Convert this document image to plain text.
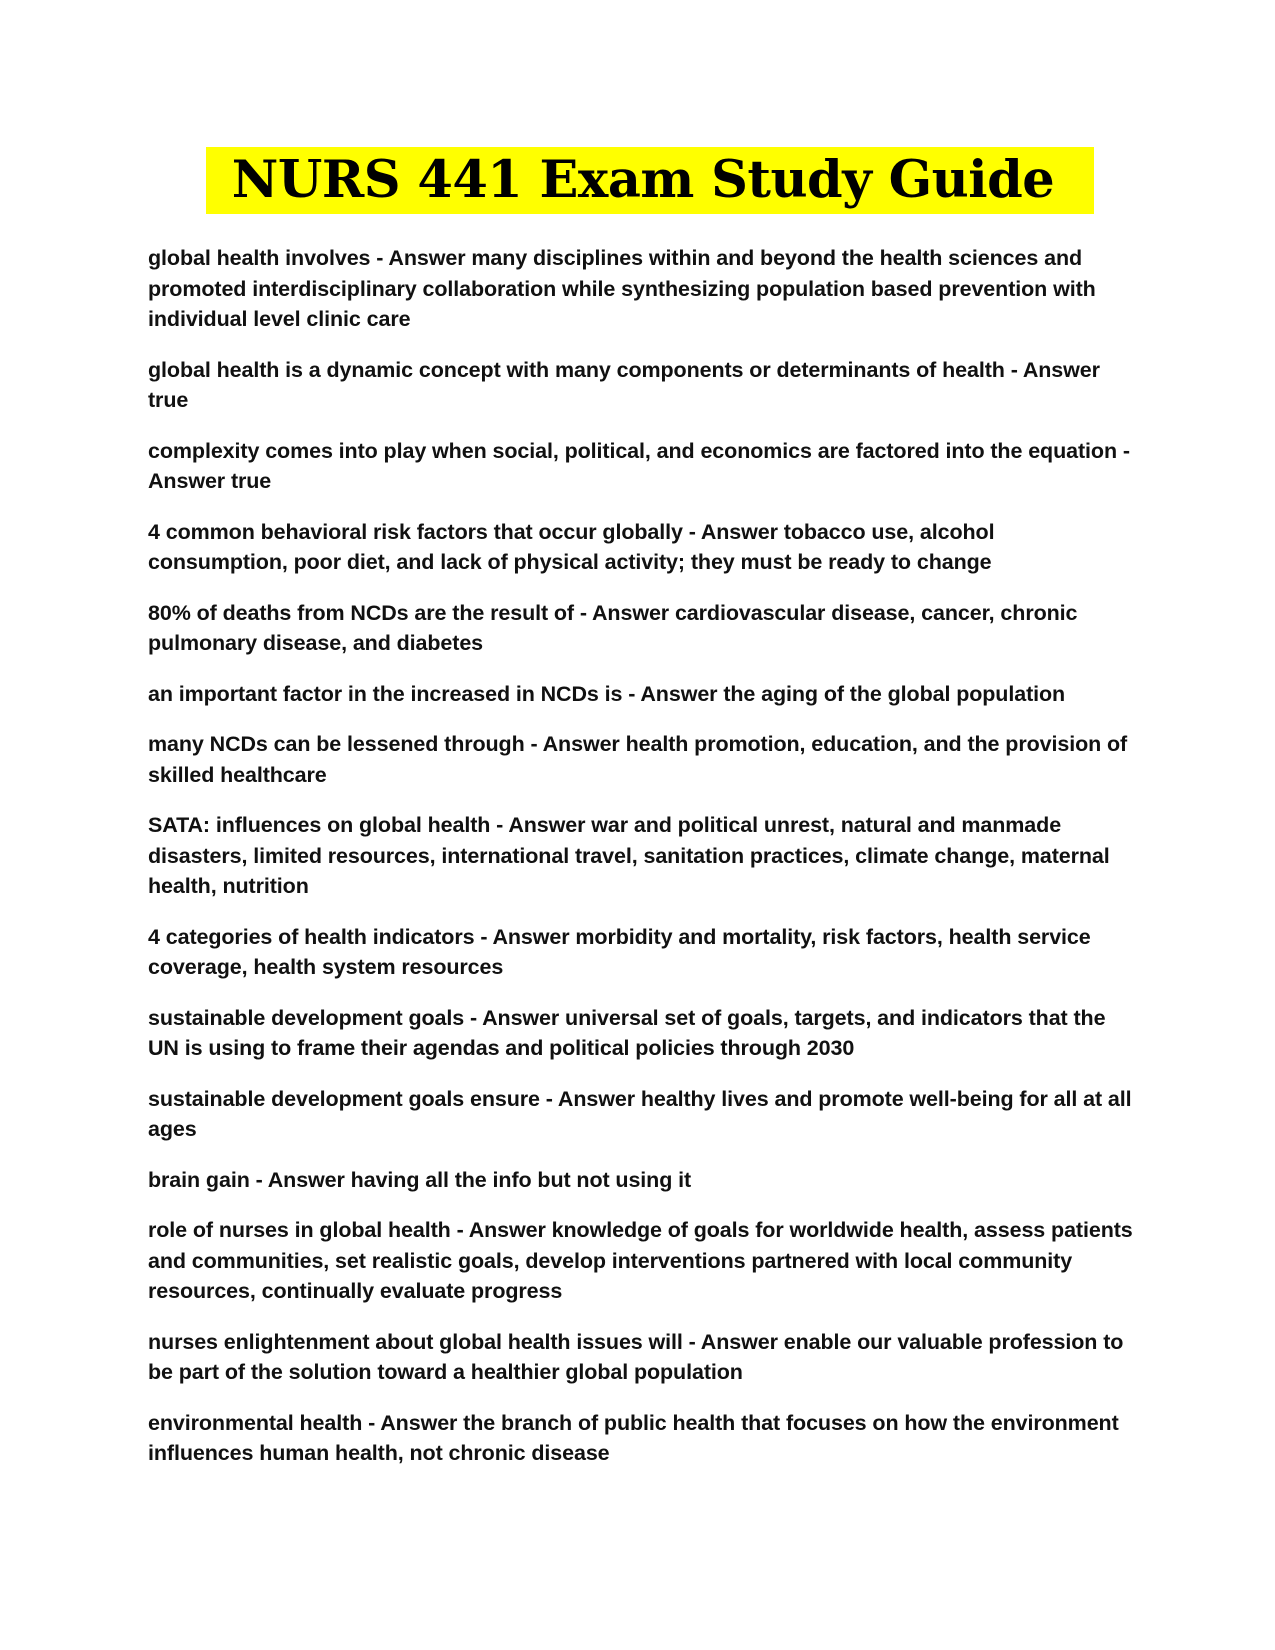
NURS 441 Exam Study Guide
global health involves - Answer many disciplines within and beyond the health sciences and promoted interdisciplinary collaboration while synthesizing population based prevention with individual level clinic care
global health is a dynamic concept with many components or determinants of health - Answer true
complexity comes into play when social, political, and economics are factored into the equation - Answer true
4 common behavioral risk factors that occur globally - Answer tobacco use, alcohol consumption, poor diet, and lack of physical activity; they must be ready to change
80% of deaths from NCDs are the result of - Answer cardiovascular disease, cancer, chronic pulmonary disease, and diabetes
an important factor in the increased in NCDs is - Answer the aging of the global population
many NCDs can be lessened through - Answer health promotion, education, and the provision of skilled healthcare
SATA: influences on global health - Answer war and political unrest, natural and manmade disasters, limited resources, international travel, sanitation practices, climate change, maternal health, nutrition
4 categories of health indicators - Answer morbidity and mortality, risk factors, health service coverage, health system resources
sustainable development goals - Answer universal set of goals, targets, and indicators that the UN is using to frame their agendas and political policies through 2030
sustainable development goals ensure - Answer healthy lives and promote well-being for all at all ages
brain gain - Answer having all the info but not using it
role of nurses in global health - Answer knowledge of goals for worldwide health, assess patients and communities, set realistic goals, develop interventions partnered with local community resources, continually evaluate progress
nurses enlightenment about global health issues will - Answer enable our valuable profession to be part of the solution toward a healthier global population
environmental health - Answer the branch of public health that focuses on how the environment influences human health, not chronic disease
